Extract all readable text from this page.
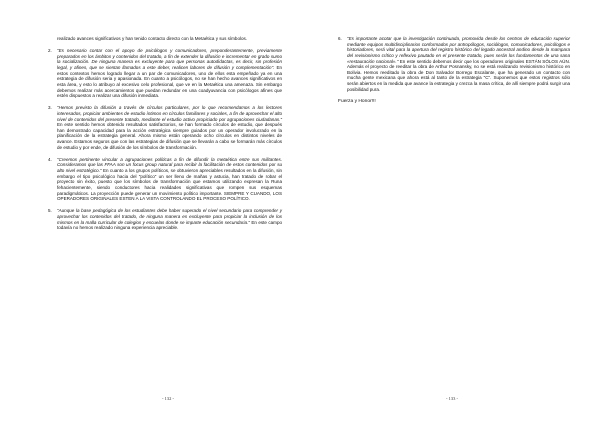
realizado avances significativos y han tenido contacto directo con la Metaética y sus símbolos.

2. "Es necesario contar con el apoyo de psicólogos y comunicadores, preponderantemente, previamente preparados en los ámbitos y contenidos del tratado, a fin de extender la difusión e incrementar en grado sumo la socialización. De ninguna manera es excluyente para que personas autodidactas, es decir, sin profesión legal, y afines, que se sientan llamados a este deber, realicen labores de difusión y complementación". En estos contextos hemos logrado llegar a un par de comunicadores, uno de ellos esta empeñado ya en una estrategia de difusión seria y apasionada. En cuanto a psicólogos, no se han hecho avances significativos en esta área, y esto lo atribuyo al excesivo celo profesional, que ve en la Metaética una amenaza. Sin embargo debemos realizar más acercamientos que puedan redundar en una coadyuvancia con psicólogos afines que estén dispuestos a realizar una difusión inmediata.
3. "Hemos previsto la difusión a través de círculos particulares, por lo que recomendamos a los lectores interesados, propiciar ambientes de estudio íntimos en círculos familiares y sociales, a fin de aprovechar el alto nivel de contenidos del presente tratado, mediante el estudio activo propiciado por agrupaciones ciudadanas." En este sentido hemos obtenido resultados satisfactorios, se han formado círculos de estudio, que después han demostrado capacidad para la acción estratégica siempre guiados por un operador involucrado en la planificación de la estrategia general. Ahora mismo están operando ocho círculos en distintos niveles de avance. Estamos seguros que con las estrategias de difusión que se llevarán a cabo se formarán más círculos de estudio y por ende, de difusión de los símbolos de transformación.
4. "Creemos pertinente vincular a agrupaciones políticas a fin de difundir la metaética entre sus militantes. Consideramos que las FFAA son un focus group natural para recibir la facilitación de estos contenidos por su alto nivel estratégico." En cuanto a los grupos políticos, se obtuvieron apreciables resultados en la difusión, sin embargo el tipo psicológico hacia del "político" un ser lleno de mañas y astucia, han tratado de robar el proyecto sin éxito, puesto que los símbolos de transformación que estamos utilizando expresan la Runa fehacientemente, siendo conductores hacia realidades significativas que rompen sus esquemas paradigmáticos. La proyección puede generar un movimiento político importante. SIEMPRE Y CUANDO, LOS OPERADORES ORIGINALES ESTEN A LA VISTA CONTROLANDO EL PROCESO POLÍTICO.
5. "Aunque la base pedagógica de los estudiantes debe haber superado el nivel secundario para comprender y aprovechar los contenidos del tratado, de ninguna manera es excluyente para propiciar la inclusión de los mismos en la malla curricular de colegios y escuelas donde se imparte educación secundaria." En este campo todavía no hemos realizado ninguna experiencia apreciable.
- 132 -
6. "Es importante acotar que la investigación continuada, promovida desde los centros de educación superior mediante equipos multidisciplinarios conformados por antropólogos, sociólogos, comunicadores, psicólogos e historiadores, será vital para la apertura del registro histórico del legado ancestral andino desde la mampara del revisionismo crítico y reflexivo pautado en el presente tratado, pues serán los fundamentos de una sana «restauración nacional»." En este sentido debemos decir que los operadores originales ESTÁN SÓLOS AÚN. Además el proyecto de reeditar la obra de Arthur Posnansky, no se está realizando revisionismo histórico en Bolivia. Hemos reeditado la obra de Don Salvador Borrego Escalante, que ha generado un contacto con mucha gente mexicana que ahora está al tanto de la estrategia "C". Suponemos que estos registros sólo serán abiertos en la medida que avance la estrategia y crezca la masa crítica, de allí siempre podrá surgir una posibilidad pura.

Fuerza y Honor!!!

- 133 -
